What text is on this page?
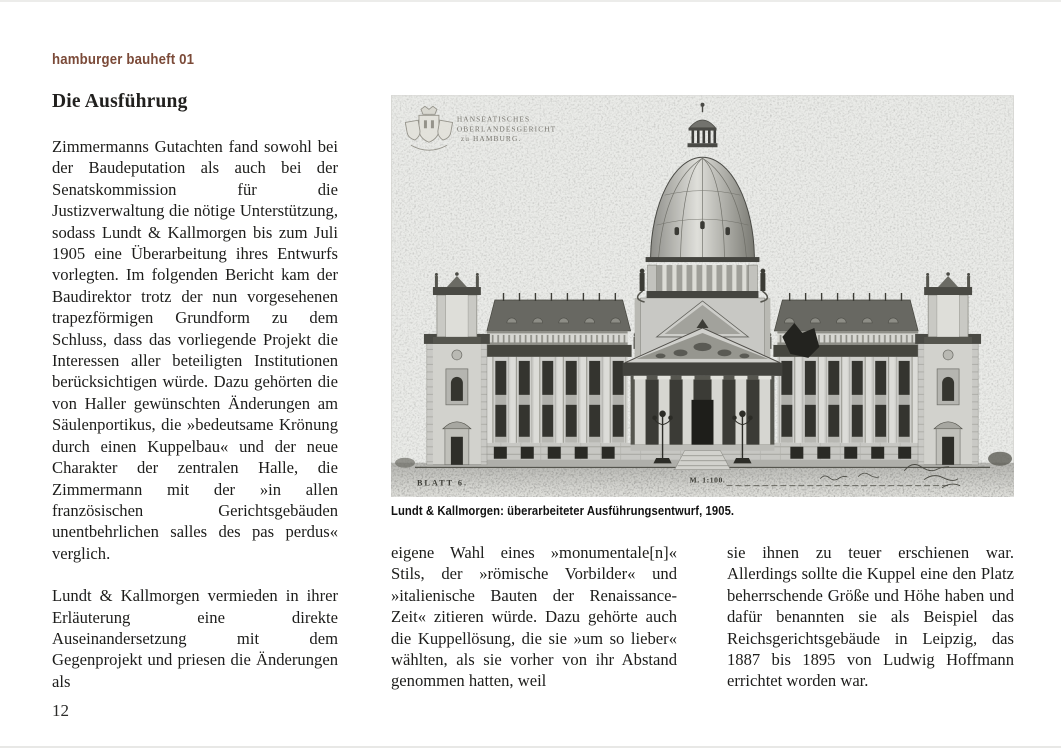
hamburger bauheft 01
Die Ausführung

Zimmermanns Gutachten fand sowohl bei der Baudeputation als auch bei der Senatskommission für die Justizverwaltung die nötige Unterstützung, sodass Lundt & Kallmorgen bis zum Juli 1905 eine Überarbeitung ihres Entwurfs vorlegten. Im folgenden Bericht kam der Baudirektor trotz der nun vorgesehenen trapezförmigen Grundform zu dem Schluss, dass das vorliegende Projekt die Interessen aller beteiligten Institutionen berücksichtigen würde. Dazu gehörten die von Haller gewünschten Änderungen am Säulenportikus, die »bedeutsame Krönung durch einen Kuppelbau« und der neue Charakter der zentralen Halle, die Zimmermann mit der »in allen französischen Gerichtsgebäuden unentbehrlichen salles des pas perdus« verglich.

Lundt & Kallmorgen vermieden in ihrer Erläuterung eine direkte Auseinandersetzung mit dem Gegenprojekt und priesen die Änderungen als

HANSEATISCHES
OBERLANDESGERICHT
zu HAMBURG.
BLATT 6.	M. 1:100.
Lundt & Kallmorgen: überarbeiteter Ausführungsentwurf, 1905.

eigene Wahl eines »monumentale[n]« Stils, der »römische Vorbilder« und »italienische Bauten der Renaissance-Zeit« zitieren würde. Dazu gehörte auch die Kuppellösung, die sie »um so lieber« wählten, als sie vorher von ihr Abstand genommen hatten, weil

sie ihnen zu teuer erschienen war. Allerdings sollte die Kuppel eine den Platz beherrschende Größe und Höhe haben und dafür benannten sie als Beispiel das Reichsgerichtsgebäude in Leipzig, das 1887 bis 1895 von Ludwig Hoffmann errichtet worden war.

12
